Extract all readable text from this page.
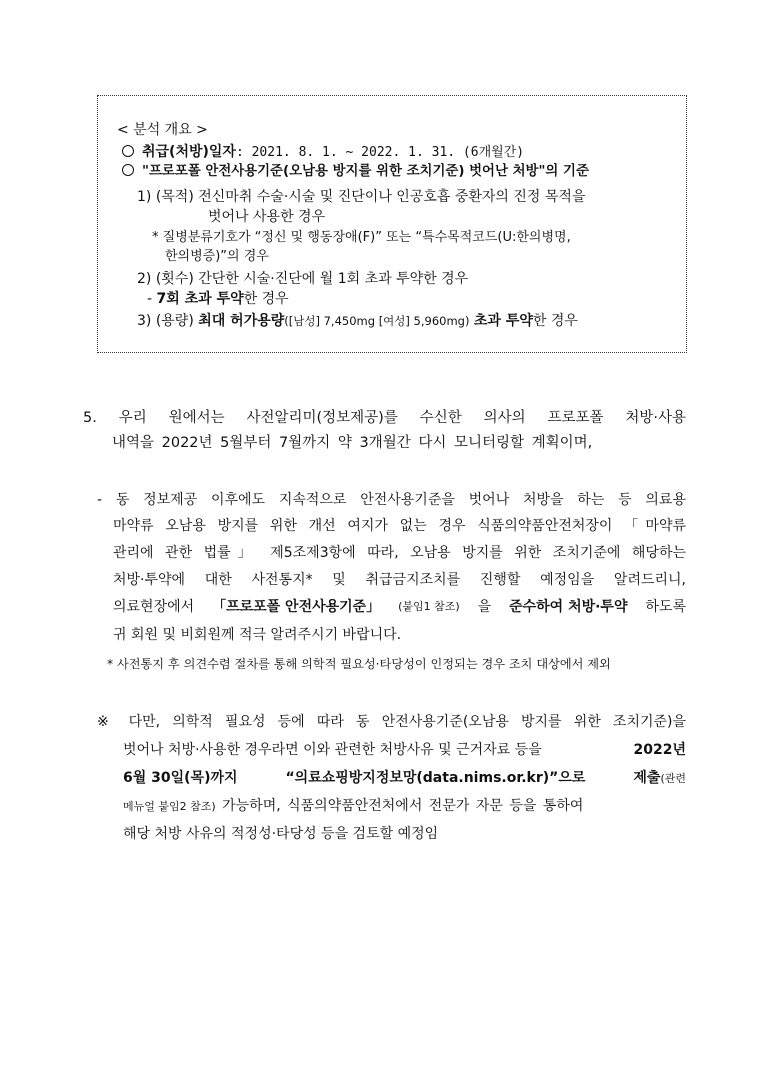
< 분석 개요 >
취급(처방)일자: 2021. 8. 1. ~ 2022. 1. 31. (6개월간)
"프로포폴 안전사용기준(오남용 방지를 위한 조치기준) 벗어난 처방"의 기준
1) (목적) 전신마취 수술·시술 및 진단이나 인공호흡 중환자의 진정 목적을
벗어나 사용한 경우
* 질병분류기호가 “정신 및 행동장애(F)” 또는 “특수목적코드(U:한의병명,
한의병증)”의 경우
2) (횟수) 간단한 시술·진단에 월 1회 초과 투약한 경우
- 7회 초과 투약한 경우
3) (용량) 최대 허가용량([남성] 7,450mg [여성] 5,960mg) 초과 투약한 경우
5. 우리 원에서는 사전알리미(정보제공)를 수신한 의사의 프로포폴 처방·사용
내역을 2022년 5월부터 7월까지 약 3개월간 다시 모니터링할 계획이며,
- 동 정보제공 이후에도 지속적으로 안전사용기준을 벗어나 처방을 하는 등 의료용
마약류 오남용 방지를 위한 개선 여지가 없는 경우 식품의약품안전처장이 「마약류
관리에 관한 법률」 제5조제3항에 따라, 오남용 방지를 위한 조치기준에 해당하는
처방·투약에 대한 사전통지* 및 취급금지조치를 진행할 예정임을 알려드리니,
의료현장에서 「프로포폴 안전사용기준」 (붙임1 참조) 을 준수하여 처방·투약 하도록
귀 회원 및 비회원께 적극 알려주시기 바랍니다.
* 사전통지 후 의견수렴 절차를 통해 의학적 필요성·타당성이 인정되는 경우 조치 대상에서 제외
※ 다만, 의학적 필요성 등에 따라 동 안전사용기준(오남용 방지를 위한 조치기준)을
벗어나 처방·사용한 경우라면 이와 관련한 처방사유 및 근거자료 등을	2022년
6월 30일(목)까지	“의료쇼핑방지정보망(data.nims.or.kr)”으로	제출(관련
메뉴얼 붙임2 참조) 가능하며, 식품의약품안전처에서 전문가 자문 등을 통하여
해당 처방 사유의 적정성·타당성 등을 검토할 예정임
